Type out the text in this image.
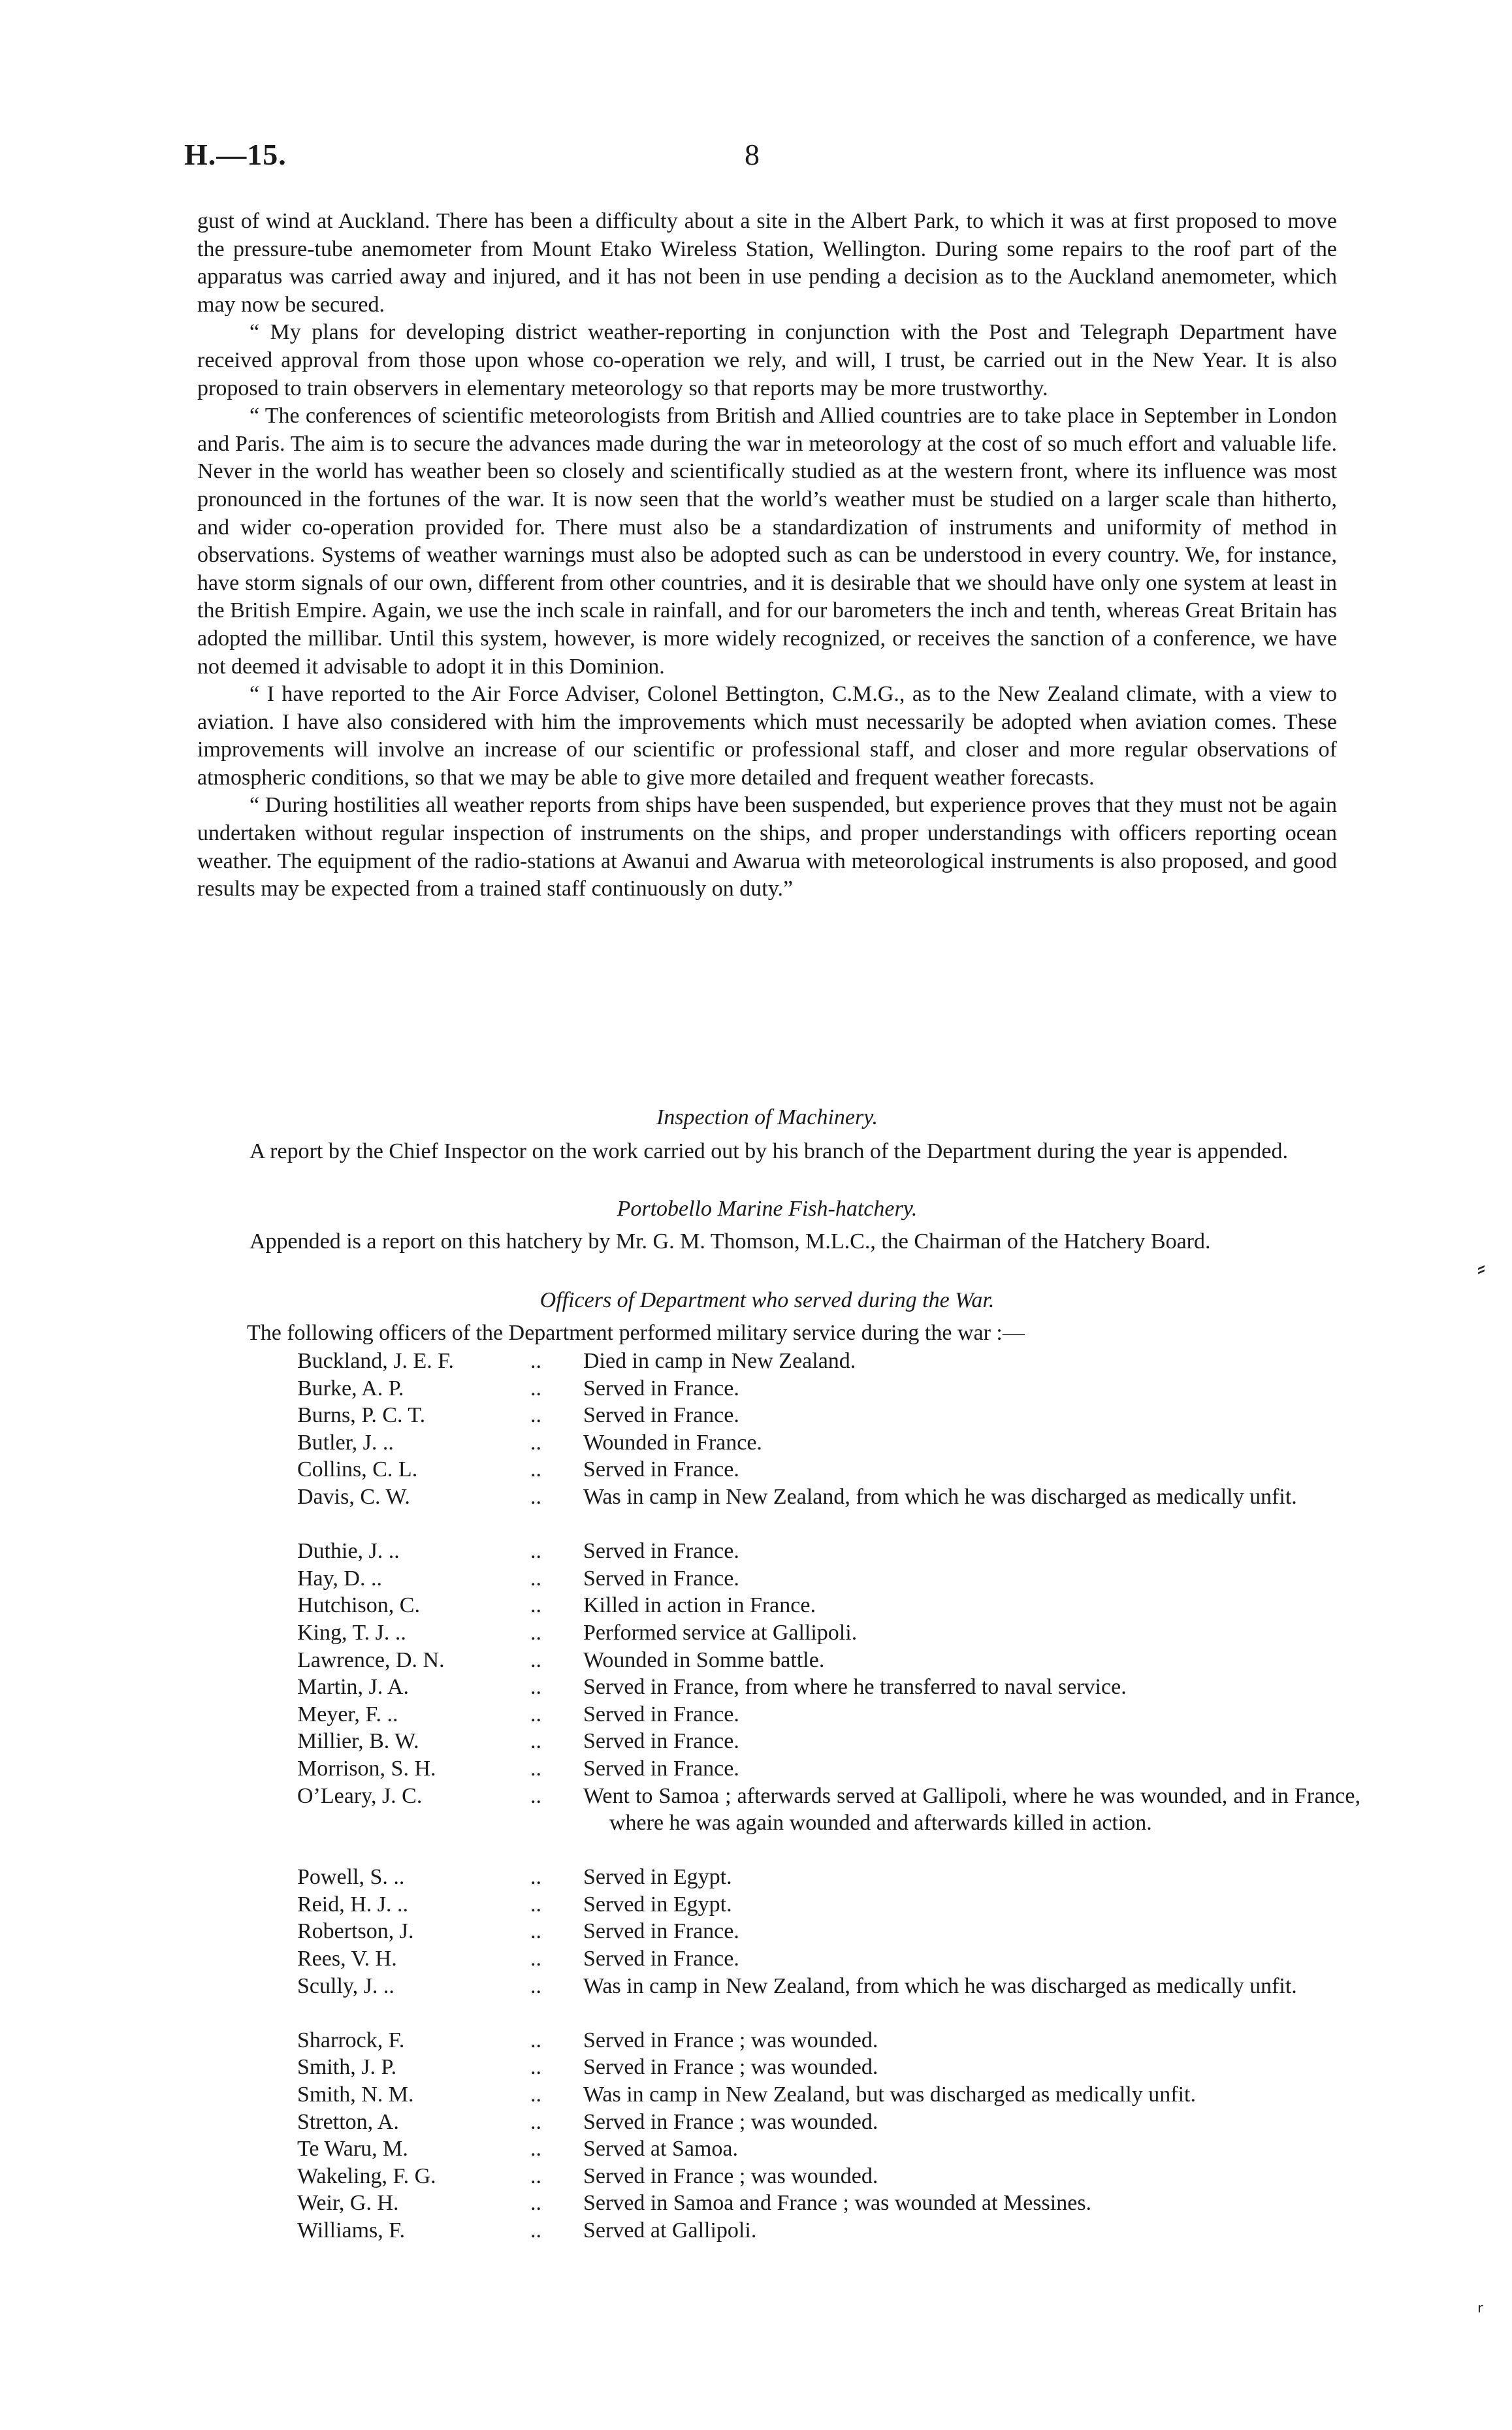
H.—15.	8

gust of wind at Auckland. There has been a difficulty about a site in the Albert Park, to which it was at first proposed to move the pressure-tube anemometer from Mount Etako Wireless Station, Wellington. During some repairs to the roof part of the apparatus was carried away and injured, and it has not been in use pending a decision as to the Auckland anemometer, which may now be secured.

“ My plans for developing district weather-reporting in conjunction with the Post and Telegraph Department have received approval from those upon whose co-operation we rely, and will, I trust, be carried out in the New Year. It is also proposed to train observers in elementary meteorology so that reports may be more trustworthy.

“ The conferences of scientific meteorologists from British and Allied countries are to take place in September in London and Paris. The aim is to secure the advances made during the war in meteorology at the cost of so much effort and valuable life. Never in the world has weather been so closely and scientifically studied as at the western front, where its influence was most pronounced in the fortunes of the war. It is now seen that the world’s weather must be studied on a larger scale than hitherto, and wider co-operation provided for. There must also be a standardization of instruments and uniformity of method in observations. Systems of weather warnings must also be adopted such as can be understood in every country. We, for instance, have storm signals of our own, different from other countries, and it is desirable that we should have only one system at least in the British Empire. Again, we use the inch scale in rainfall, and for our barometers the inch and tenth, whereas Great Britain has adopted the millibar. Until this system, however, is more widely recognized, or receives the sanction of a conference, we have not deemed it advisable to adopt it in this Dominion.

“ I have reported to the Air Force Adviser, Colonel Bettington, C.M.G., as to the New Zealand climate, with a view to aviation. I have also considered with him the improvements which must necessarily be adopted when aviation comes. These improvements will involve an increase of our scientific or professional staff, and closer and more regular observations of atmospheric conditions, so that we may be able to give more detailed and frequent weather forecasts.

“ During hostilities all weather reports from ships have been suspended, but experience proves that they must not be again undertaken without regular inspection of instruments on the ships, and proper understandings with officers reporting ocean weather. The equipment of the radio-stations at Awanui and Awarua with meteorological instruments is also proposed, and good results may be expected from a trained staff continuously on duty.”

Inspection of Machinery.

A report by the Chief Inspector on the work carried out by his branch of the Department during the year is appended.

Portobello Marine Fish-hatchery.

Appended is a report on this hatchery by Mr. G. M. Thomson, M.L.C., the Chairman of the Hatchery Board.

Officers of Department who served during the War.
The following officers of the Department performed military service during the war :—
Buckland, J. E. F.	.. Died in camp in New Zealand.
Burke, A. P.	.. Served in France.
Burns, P. C. T.	.. Served in France.
Butler, J. ..	.. Wounded in France.
Collins, C. L.	.. Served in France.
Davis, C. W.	.. Was in camp in New Zealand, from which he was discharged as medically unfit.
Duthie, J. ..	.. Served in France.
Hay, D. ..	.. Served in France.
Hutchison, C.	.. Killed in action in France.
King, T. J. ..	.. Performed service at Gallipoli.
Lawrence, D. N.	.. Wounded in Somme battle.
Martin, J. A.	.. Served in France, from where he transferred to naval service.
Meyer, F. ..	.. Served in France.
Millier, B. W.	.. Served in France.
Morrison, S. H.	.. Served in France.
O’Leary, J. C.	.. Went to Samoa ; afterwards served at Gallipoli, where he was wounded, and in France, where he was again wounded and afterwards killed in action.
Powell, S. ..	.. Served in Egypt.
Reid, H. J. ..	.. Served in Egypt.
Robertson, J.	.. Served in France.
Rees, V. H.	.. Served in France.
Scully, J. ..	.. Was in camp in New Zealand, from which he was discharged as medically unfit.
Sharrock, F.	.. Served in France ; was wounded.
Smith, J. P.	.. Served in France ; was wounded.
Smith, N. M.	.. Was in camp in New Zealand, but was discharged as medically unfit.
Stretton, A.	.. Served in France ; was wounded.
Te Waru, M.	.. Served at Samoa.
Wakeling, F. G.	.. Served in France ; was wounded.
Weir, G. H.	.. Served in Samoa and France ; was wounded at Messines.
Williams, F.	.. Served at Gallipoli.
⸗
ʳ
